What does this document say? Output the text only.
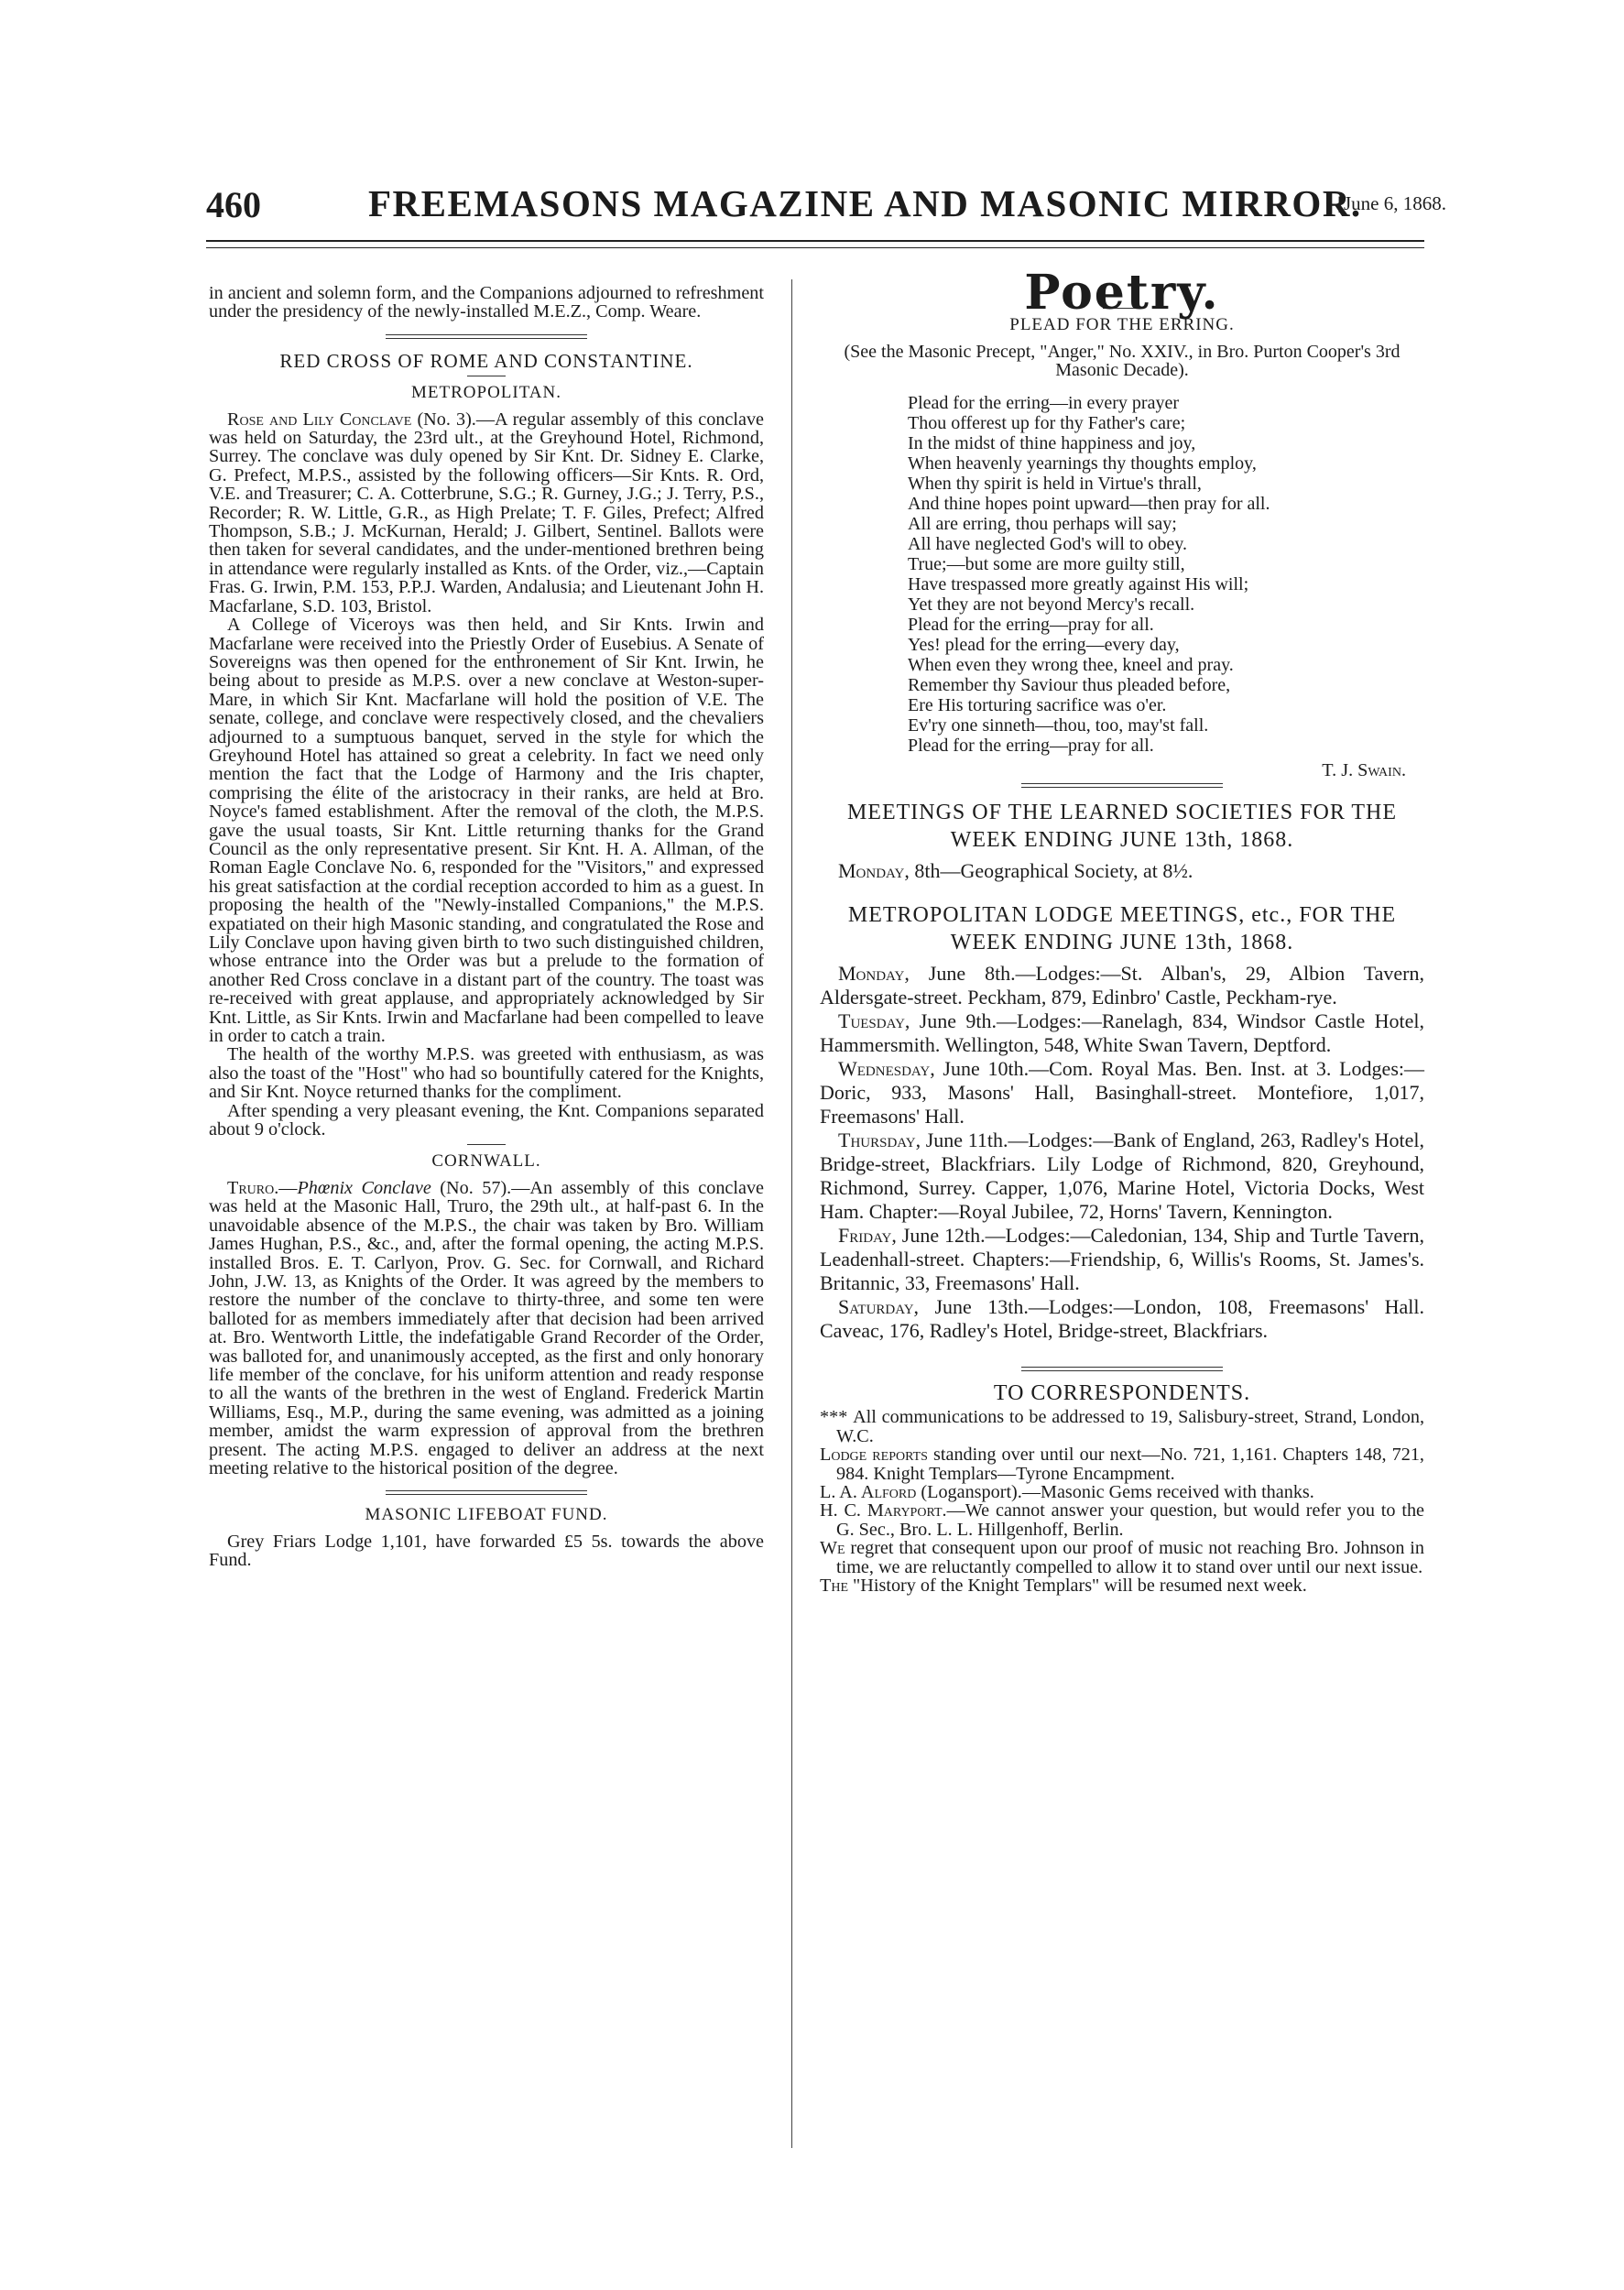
460	FREEMASONS MAGAZINE AND MASONIC MIRROR.
[June 6, 1868.

in ancient and solemn form, and the Companions adjourned to refreshment under the presidency of the newly-installed M.E.Z., Comp. Weare.

RED CROSS OF ROME AND CONSTANTINE.
METROPOLITAN.

Rose and Lily Conclave (No. 3).—A regular assembly of this conclave was held on Saturday, the 23rd ult., at the Greyhound Hotel, Richmond, Surrey. The conclave was duly opened by Sir Knt. Dr. Sidney E. Clarke, G. Prefect, M.P.S., assisted by the following officers—Sir Knts. R. Ord, V.E. and Treasurer; C. A. Cotterbrune, S.G.; R. Gurney, J.G.; J. Terry, P.S., Recorder; R. W. Little, G.R., as High Prelate; T. F. Giles, Prefect; Alfred Thompson, S.B.; J. McKurnan, Herald; J. Gilbert, Sentinel. Ballots were then taken for several candidates, and the under-mentioned brethren being in attendance were regularly installed as Knts. of the Order, viz.,—Captain Fras. G. Irwin, P.M. 153, P.P.J. Warden, Andalusia; and Lieutenant John H. Macfarlane, S.D. 103, Bristol.

A College of Viceroys was then held, and Sir Knts. Irwin and Macfarlane were received into the Priestly Order of Eusebius. A Senate of Sovereigns was then opened for the enthronement of Sir Knt. Irwin, he being about to preside as M.P.S. over a new conclave at Weston-super-Mare, in which Sir Knt. Macfarlane will hold the position of V.E. The senate, college, and conclave were respectively closed, and the chevaliers adjourned to a sumptuous banquet, served in the style for which the Greyhound Hotel has attained so great a celebrity. In fact we need only mention the fact that the Lodge of Harmony and the Iris chapter, comprising the élite of the aristocracy in their ranks, are held at Bro. Noyce's famed establishment. After the removal of the cloth, the M.P.S. gave the usual toasts, Sir Knt. Little returning thanks for the Grand Council as the only representative present. Sir Knt. H. A. Allman, of the Roman Eagle Conclave No. 6, responded for the "Visitors," and expressed his great satisfaction at the cordial reception accorded to him as a guest. In proposing the health of the "Newly-installed Companions," the M.P.S. expatiated on their high Masonic standing, and congratulated the Rose and Lily Conclave upon having given birth to two such distinguished children, whose entrance into the Order was but a prelude to the formation of another Red Cross conclave in a distant part of the country. The toast was re-received with great applause, and appropriately acknowledged by Sir Knt. Little, as Sir Knts. Irwin and Macfarlane had been compelled to leave in order to catch a train.

The health of the worthy M.P.S. was greeted with enthusiasm, as was also the toast of the "Host" who had so bountifully catered for the Knights, and Sir Knt. Noyce returned thanks for the compliment.

After spending a very pleasant evening, the Knt. Companions separated about 9 o'clock.

CORNWALL.

Truro.—Phœnix Conclave (No. 57).—An assembly of this conclave was held at the Masonic Hall, Truro, the 29th ult., at half-past 6. In the unavoidable absence of the M.P.S., the chair was taken by Bro. William James Hughan, P.S., &c., and, after the formal opening, the acting M.P.S. installed Bros. E. T. Carlyon, Prov. G. Sec. for Cornwall, and Richard John, J.W. 13, as Knights of the Order. It was agreed by the members to restore the number of the conclave to thirty-three, and some ten were balloted for as members immediately after that decision had been arrived at. Bro. Wentworth Little, the indefatigable Grand Recorder of the Order, was balloted for, and unanimously accepted, as the first and only honorary life member of the conclave, for his uniform attention and ready response to all the wants of the brethren in the west of England. Frederick Martin Williams, Esq., M.P., during the same evening, was admitted as a joining member, amidst the warm expression of approval from the brethren present. The acting M.P.S. engaged to deliver an address at the next meeting relative to the historical position of the degree.

MASONIC LIFEBOAT FUND.

Grey Friars Lodge 1,101, have forwarded £5 5s. towards the above Fund.

Poetry.
PLEAD FOR THE ERRING.
(See the Masonic Precept, "Anger," No. XXIV., in Bro. Purton Cooper's 3rd Masonic Decade).
Plead for the erring—in every prayer
Thou offerest up for thy Father's care;
In the midst of thine happiness and joy,
When heavenly yearnings thy thoughts employ,
When thy spirit is held in Virtue's thrall,
And thine hopes point upward—then pray for all.
All are erring, thou perhaps will say;
All have neglected God's will to obey.
True;—but some are more guilty still,
Have trespassed more greatly against His will;
Yet they are not beyond Mercy's recall.
Plead for the erring—pray for all.
Yes! plead for the erring—every day,
When even they wrong thee, kneel and pray.
Remember thy Saviour thus pleaded before,
Ere His torturing sacrifice was o'er.
Ev'ry one sinneth—thou, too, may'st fall.
Plead for the erring—pray for all.
T. J. Swain.
MEETINGS OF THE LEARNED SOCIETIES FOR THE WEEK ENDING JUNE 13th, 1868.

Monday, 8th—Geographical Society, at 8½.

METROPOLITAN LODGE MEETINGS, etc., FOR THE WEEK ENDING JUNE 13th, 1868.

Monday, June 8th.—Lodges:—St. Alban's, 29, Albion Tavern, Aldersgate-street. Peckham, 879, Edinbro' Castle, Peckham-rye.

Tuesday, June 9th.—Lodges:—Ranelagh, 834, Windsor Castle Hotel, Hammersmith. Wellington, 548, White Swan Tavern, Deptford.

Wednesday, June 10th.—Com. Royal Mas. Ben. Inst. at 3. Lodges:—Doric, 933, Masons' Hall, Basinghall-street. Montefiore, 1,017, Freemasons' Hall.

Thursday, June 11th.—Lodges:—Bank of England, 263, Radley's Hotel, Bridge-street, Blackfriars. Lily Lodge of Richmond, 820, Greyhound, Richmond, Surrey. Capper, 1,076, Marine Hotel, Victoria Docks, West Ham. Chapter:—Royal Jubilee, 72, Horns' Tavern, Kennington.

Friday, June 12th.—Lodges:—Caledonian, 134, Ship and Turtle Tavern, Leadenhall-street. Chapters:—Friendship, 6, Willis's Rooms, St. James's. Britannic, 33, Freemasons' Hall.

Saturday, June 13th.—Lodges:—London, 108, Freemasons' Hall. Caveac, 176, Radley's Hotel, Bridge-street, Blackfriars.

TO CORRESPONDENTS.

*** All communications to be addressed to 19, Salisbury-street, Strand, London, W.C.

Lodge reports standing over until our next—No. 721, 1,161. Chapters 148, 721, 984. Knight Templars—Tyrone Encampment.

L. A. Alford (Logansport).—Masonic Gems received with thanks.

H. C. Maryport.—We cannot answer your question, but would refer you to the G. Sec., Bro. L. L. Hillgenhoff, Berlin.

We regret that consequent upon our proof of music not reaching Bro. Johnson in time, we are reluctantly compelled to allow it to stand over until our next issue.

The "History of the Knight Templars" will be resumed next week.
